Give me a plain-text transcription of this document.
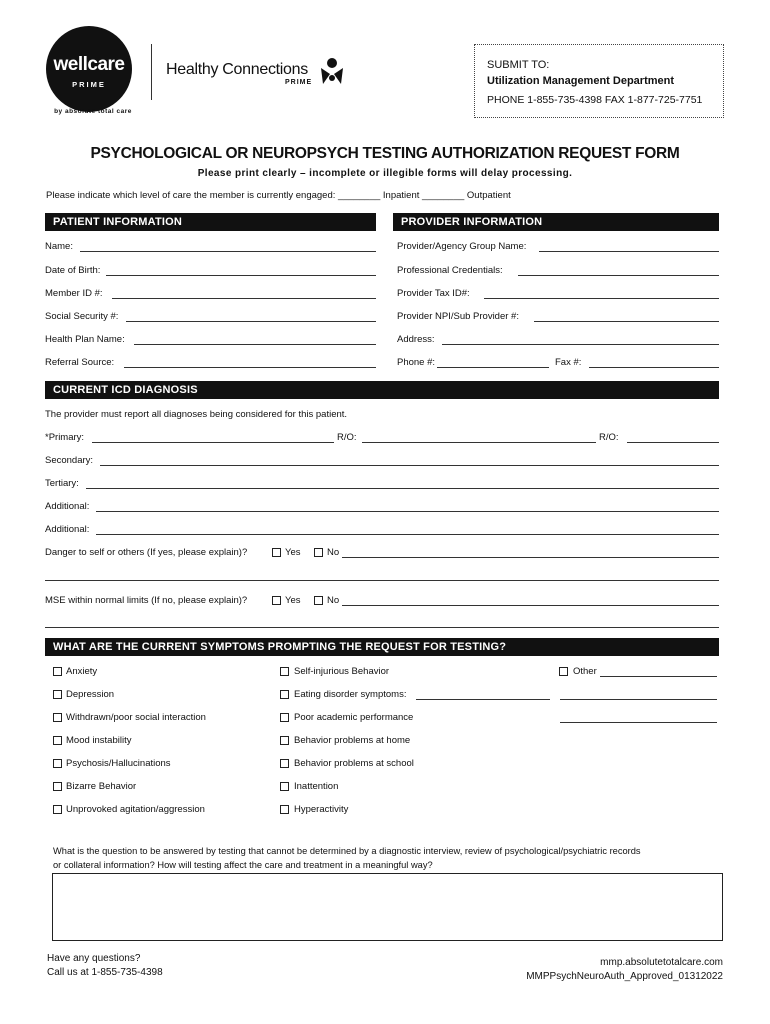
wellcare ™
PRIME
by absolute total care
Healthy Connections
PRIME
SUBMIT TO:
Utilization Management Department
PHONE 1-855-735-4398 FAX 1-877-725-7751
PSYCHOLOGICAL OR NEUROPSYCH TESTING AUTHORIZATION REQUEST FORM
Please print clearly – incomplete or illegible forms will delay processing.
Please indicate which level of care the member is currently engaged: ________ Inpatient ________ Outpatient
PATIENT INFORMATION	PROVIDER INFORMATION
Name:
Date of Birth:
Member ID #:
Social Security #:
Health Plan Name:
Referral Source:
Provider/Agency Group Name:
Professional Credentials:
Provider Tax ID#:
Provider NPI/Sub Provider #:
Address:
Phone #:	Fax #:
CURRENT ICD DIAGNOSIS
The provider must report all diagnoses being considered for this patient.
*Primary:	R/O:	R/O:
Secondary:
Tertiary:
Additional:
Additional:
Danger to self or others (If yes, please explain)?	Yes	No
MSE within normal limits (If no, please explain)?	Yes	No
WHAT ARE THE CURRENT SYMPTOMS PROMPTING THE REQUEST FOR TESTING?
Anxiety
Depression
Withdrawn/poor social interaction
Mood instability
Psychosis/Hallucinations
Bizarre Behavior
Unprovoked agitation/aggression
Self-injurious Behavior
Eating disorder symptoms:
Poor academic performance
Behavior problems at home
Behavior problems at school
Inattention
Hyperactivity
Other
What is the question to be answered by testing that cannot be determined by a diagnostic interview, review of psychological/psychiatric records
or collateral information? How will testing affect the care and treatment in a meaningful way?
Have any questions?
Call us at 1-855-735-4398
mmp.absolutetotalcare.com
MMPPsychNeuroAuth_Approved_01312022
